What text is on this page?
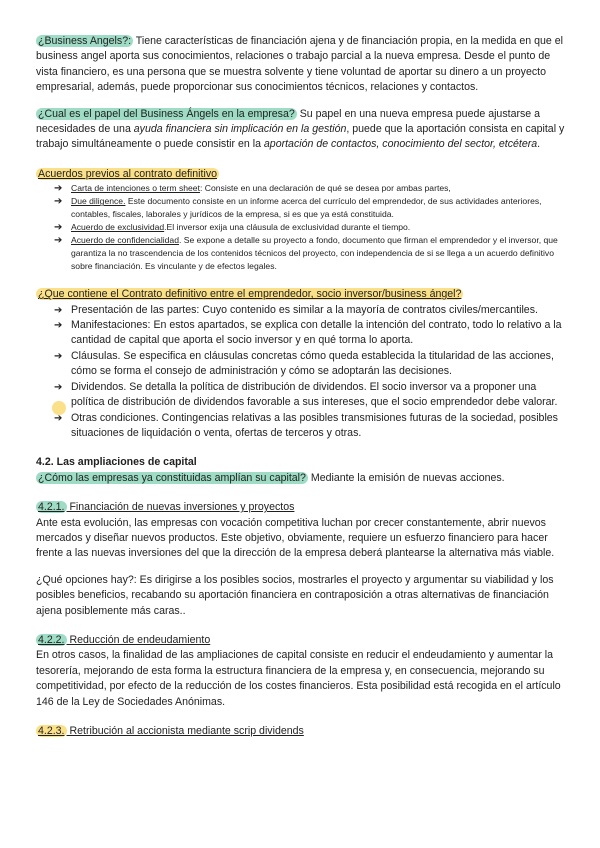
¿Business Angels?: Tiene características de financiación ajena y de financiación propia, en la medida en que el business angel aporta sus conocimientos, relaciones o trabajo parcial a la nueva empresa. Desde el punto de vista financiero, es una persona que se muestra solvente y tiene voluntad de aportar su dinero a un proyecto empresarial, además, puede proporcionar sus conocimientos técnicos, relaciones y contactos.

¿Cual es el papel del Business Ángels en la empresa? Su papel en una nueva empresa puede ajustarse a necesidades de una ayuda financiera sin implicación en la gestión, puede que la aportación consista en capital y trabajo simultáneamente o puede consistir en la aportación de contactos, conocimiento del sector, etcétera.

Acuerdos previos al contrato definitivo

➔ Carta de intenciones o term sheet: Consiste en una declaración de qué se desea por ambas partes,
➔ Due diligence. Este documento consiste en un informe acerca del currículo del emprendedor, de sus actividades anteriores, contables, fiscales, laborales y jurídicos de la empresa, si es que ya está constituida.
➔ Acuerdo de exclusividad.El inversor exija una cláusula de exclusividad durante el tiempo.
➔ Acuerdo de confidencialidad. Se expone a detalle su proyecto a fondo, documento que firman el emprendedor y el inversor, que garantiza la no trascendencia de los contenidos técnicos del proyecto, con independencia de si se llega a un acuerdo definitivo sobre financiación. Es vinculante y de efectos legales.

¿Que contiene el Contrato definitivo entre el emprendedor, socio inversor/business ángel?

➔ Presentación de las partes: Cuyo contenido es similar a la mayoría de contratos civiles/mercantiles.
➔ Manifestaciones: En estos apartados, se explica con detalle la intención del contrato, todo lo relativo a la cantidad de capital que aporta el socio inversor y en qué torma lo aporta.
➔ Cláusulas. Se especifica en cláusulas concretas cómo queda establecida la titularidad de las acciones, cómo se forma el consejo de administración y cómo se adoptarán las decisiones.
➔ Dividendos. Se detalla la política de distribución de dividendos. El socio inversor va a proponer una política de distribución de dividendos favorable a sus intereses, que el socio emprendedor debe valorar.
➔ Otras condiciones. Contingencias relativas a las posibles transmisiones futuras de la sociedad, posibles situaciones de liquidación o venta, ofertas de terceros y otras.

4.2. Las ampliaciones de capital

¿Cómo las empresas ya constituidas amplían su capital? Mediante la emisión de nuevas acciones.

4.2.1. Financiación de nuevas inversiones y proyectos

Ante esta evolución, las empresas con vocación competitiva luchan por crecer constantemente, abrir nuevos mercados y diseñar nuevos productos. Este objetivo, obviamente, requiere un esfuerzo financiero para hacer frente a las nuevas inversiones del que la dirección de la empresa deberá plantearse la alternativa más viable.

¿Qué opciones hay?: Es dirigirse a los posibles socios, mostrarles el proyecto y argumentar su viabilidad y los posibles beneficios, recabando su aportación financiera en contraposición a otras alternativas de financiación ajena posiblemente más caras..

4.2.2. Reducción de endeudamiento

En otros casos, la finalidad de las ampliaciones de capital consiste en reducir el endeudamiento y aumentar la tesorería, mejorando de esta forma la estructura financiera de la empresa y, en consecuencia, mejorando su competitividad, por efecto de la reducción de los costes financieros. Esta posibilidad está recogida en el artículo 146 de la Ley de Sociedades Anónimas.

4.2.3. Retribución al accionista mediante scrip dividends
